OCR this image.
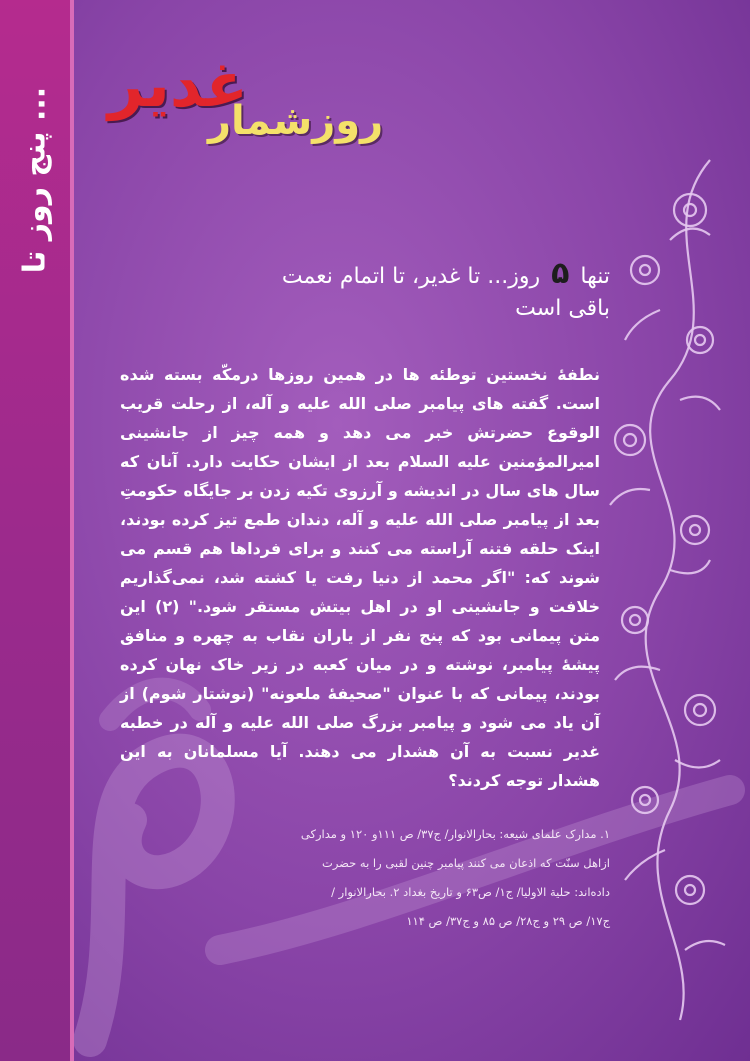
پنج روز تا ... غدیر
روزشمار
تنها ۵ روز... تا غدیر، تا اتمام نعمت
باقی است
نطفهٔ نخستین توطئه ها در همین روزها درمکّه بسته شده است. گفته های پیامبر صلی الله علیه و آله، از رحلت قریب الوقوع حضرتش خبر می دهد و همه چیز از جانشینی امیرالمؤمنین علیه السلام بعد از ایشان حکایت دارد. آنان که سال های سال در اندیشه و آرزوی تکیه زدن بر جایگاه حکومتِ بعد از پیامبر صلی الله علیه و آله، دندان طمع تیز کرده بودند، اینک حلقه فتنه آراسته می کنند و برای فرداها هم قسم می شوند که: "اگر محمد از دنیا رفت یا کشته شد، نمی‌گذاریم خلافت و جانشینی او در اهل بیتش مستقر شود." (۲) این متن پیمانی بود که پنج نفر از یاران نقاب به چهره و منافق پیشهٔ پیامبر، نوشته و در میان کعبه در زیر خاک نهان کرده بودند، پیمانی که با عنوان "صحیفهٔ ملعونه" (نوشتار شوم) از آن یاد می شود و پیامبر بزرگ صلی الله علیه و آله در خطبه غدیر نسبت به آن هشدار می دهند. آیا مسلمانان به این هشدار توجه کردند؟
۱. مدارک علمای شیعه: بحارالانوار/ ج۳۷/ ص ۱۱۱و ۱۲۰ و مدارکی
ازاهل سنّت که اذعان می کنند پیامبر چنین لقبی را به حضرت
داده‌اند: حلیة الاولیا/ ج۱/ ص۶۳ و تاریخ بغداد ۲. بحارالانوار /
ج۱۷/ ص ۲۹ و ج۲۸/ ص ۸۵ و ج۳۷/ ص ۱۱۴
